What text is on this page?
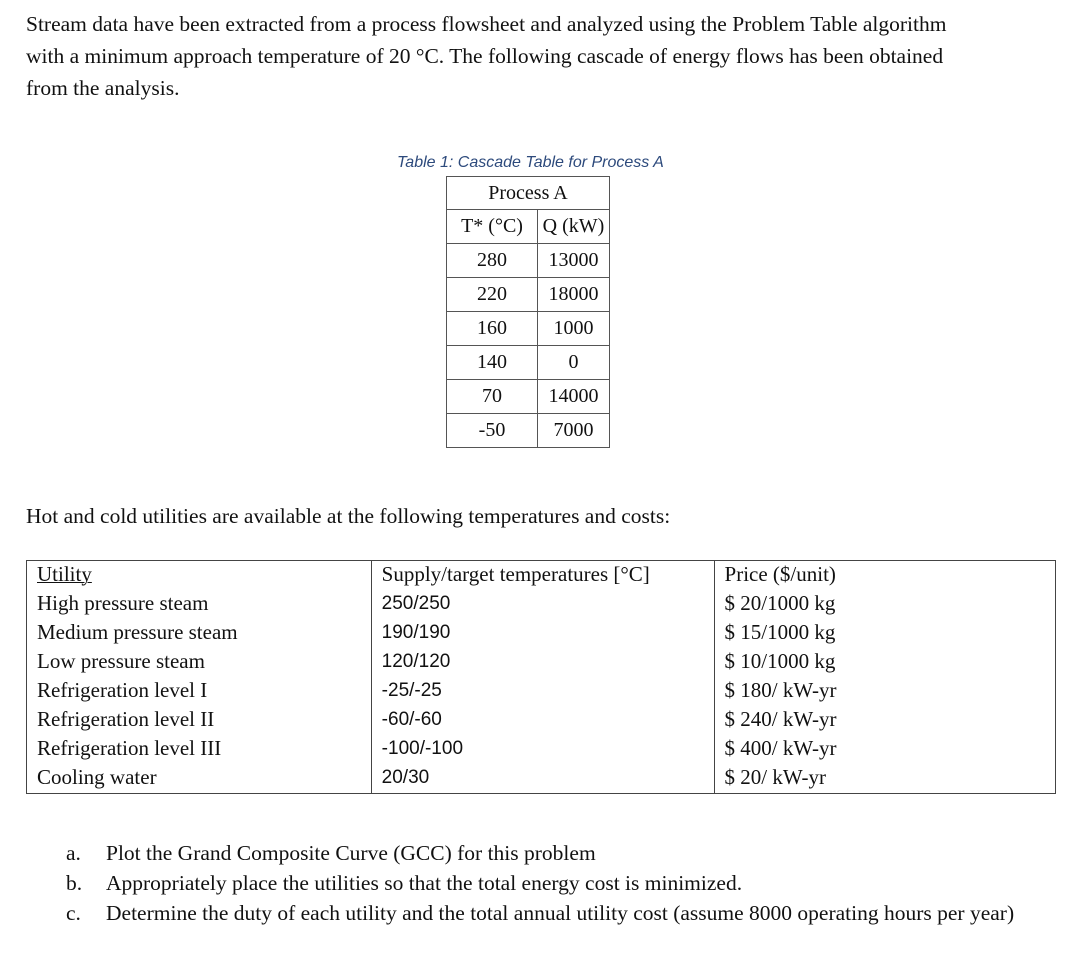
Stream data have been extracted from a process flowsheet and analyzed using the Problem Table algorithm
with a minimum approach temperature of 20 °C. The following cascade of energy flows has been obtained
from the analysis.

Table 1: Cascade Table for Process A
Process A	
T* (°C)	Q (kW)
280	13000
220	18000
160	1000
140	0
70	14000
-50	7000

Hot and cold utilities are available at the following temperatures and costs:

Utility	Supply/target temperatures [°C]	Price ($/unit)
High pressure steam	250/250	$ 20/1000 kg
Medium pressure steam	190/190	$ 15/1000 kg
Low pressure steam	120/120	$ 10/1000 kg
Refrigeration level I	-25/-25	$ 180/ kW-yr
Refrigeration level II	-60/-60	$ 240/ kW-yr
Refrigeration level III	-100/-100	$ 400/ kW-yr
Cooling water	20/30	$ 20/ kW-yr
a. Plot the Grand Composite Curve (GCC) for this problem
b. Appropriately place the utilities so that the total energy cost is minimized.
c. Determine the duty of each utility and the total annual utility cost (assume 8000 operating hours per year)
